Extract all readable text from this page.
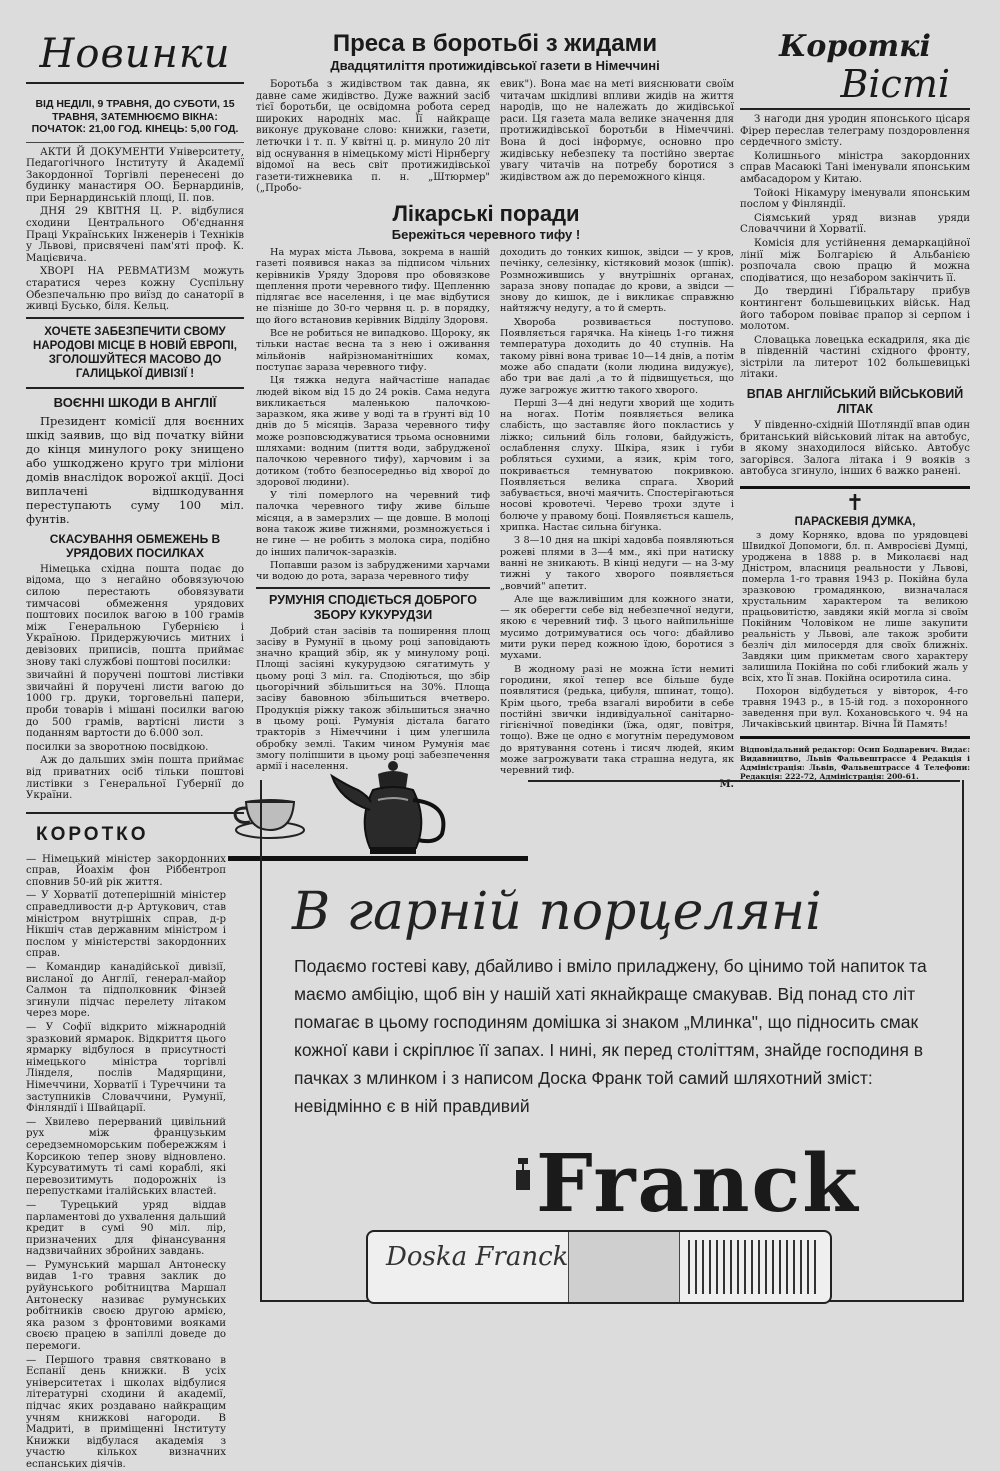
Новинки
ВІД НЕДІЛІ, 9 ТРАВНЯ, ДО СУБОТИ, 15 ТРАВНЯ, ЗАТЕМНЮЄМО ВІКНА: ПОЧАТОК: 21,00 ГОД. КІНЕЦЬ: 5,00 ГОД.

АКТИ Й ДОКУМЕНТИ Університету, Педагогічного Інституту й Академії Закордонної Торгівлі перенесені до будинку манастиря ОО. Бернардинів, при Бернардинській площі, II. пов.

ДНЯ 29 КВІТНЯ Ц. Р. відбулися сходини Центрального Об'єднання Праці Українських Інженерів і Техніків у Львові, присвячені пам'яті проф. К. Мацієвича.

ХВОРІ НА РЕВМАТИЗМ можуть старатися через кожну Суспільну Обезпечальню про виїзд до санаторії в живці Бусько, біля. Кельц.

ХОЧЕТЕ ЗАБЕЗПЕЧИТИ СВОМУ НАРОДОВІ МІСЦЕ В НОВІЙ ЕВРОПІ, ЗГОЛОШУЙТЕСЯ МАСОВО ДО ГАЛИЦЬКОЇ ДИВІЗІЇ !
ВОЄННІ ШКОДИ В АНГЛІЇ

Президент комісії для воєнних шкід заявив, що від початку війни до кінця минулого року знищено або ушкоджено круго три міліони домів внаслідок ворожої акції. Досі виплачені відшкодування переступають суму 100 міл. фунтів.

СКАСУВАННЯ ОБМЕЖЕНЬ В УРЯДОВИХ ПОСИЛКАХ

Німецька східна пошта подає до відома, що з негайно обовязуючою силою перестають обовязувати тимчасові обмеження урядових поштових посилок вагою в 100 грамів між Генеральною Губернією і Україною. Придержуючись митних і девізових приписів, пошта приймає знову такі службові поштові посилки:

звичайні й поручені поштові листівки звичайні й поручені листи вагою до 1000 гр. друки, торговельні папери, проби товарів і мішані посилки вагою до 500 грамів, вартісні листи з поданням вартости до 6.000 зол.

посилки за зворотною посвідкою.

Аж до дальших змін пошта приймає від приватних осіб тільки поштові листівки з Генеральної Губернії до України.

КОРОТКО

— Німецький міністер закордонних справ, Йоахім фон Ріббентроп сповнив 50-ий рік життя.

— У Хорватії дотеперішній міністер справедливости д-р Артукович, став міністром внутрішніх справ, д-р Нікшіч став державним міністром і послом у міністерстві закордонних справ.

— Командир канадійської дивізії, висланої до Англії, генерал-майор Салмон та підполковник Фінзей згинули підчас перелету літаком через море.

— У Софії відкрито міжнародній зразковий ярмарок. Відкриття цього ярмарку відбулося в присутності німецького міністра торгівлі Лінделя, послів Мадярщини, Німеччини, Хорватії і Туреччини та заступників Словаччини, Румунії, Фінляндії і Швайцарії.

— Хвилево перерваний цивільний рух між французьким середземноморським побережжям і Корсикою тепер знову відновлено. Курсуватимуть ті самі кораблі, які перевозитимуть подорожніх із перепустками італійських властей.

— Турецький уряд віддав парламентові до ухвалення дальший кредит в сумі 90 міл. лір, призначених для фінансування надзвичайних збройних завдань.

— Румунський маршал Антонеску видав 1-го травня заклик до руйунського робітництва Маршал Антонеску називає румунських робітників своєю другою армією, яка разом з фронтовими вояками своєю працею в запіллі доведе до перемоги.

— Першого травня святковано в Еспанії день книжки. В усіх університетах і школах відбулися літературні сходини й академії, підчас яких роздавано найкращим учням книжкові нагороди. В Мадриті, в приміщенні Інституту Книжки відбулася академія з участю кількох визначних еспанських діячів.

Преса в боротьбі з жидами
Двадцятиліття протижидівської газети в Німеччині

Боротьба з жидівством так давна, як давне саме жидівство. Дуже важний засіб тієї боротьби, це освідомна робота серед широких народніх мас. Її найкраще виконує друковане слово: книжки, газети, летючки і т. п. У квітні ц. р. минуло 20 літ від оснування в німецькому місті Нірнбергу відомої на весь світ протижидівської газети-тижневика п. н. „Штюрмер" („Пробо-

евик"). Вона має на меті вияснювати своїм читачам шкідливі впливи жидів на життя народів, що не належать до жидівської раси. Ця газета мала велике значення для протижидівської боротьби в Німеччині. Вона й досі інформує, основно про жидівську небезпеку та постійно звертає увагу читачів на потребу боротися з жидівством аж до переможного кінця.

Лікарські поради
Бережіться черевного тифу !

На мурах міста Львова, зокрема в нашій газеті появився наказ за підписом чільних керівників Уряду Здоровя про обовязкове щеплення проти черевного тифу. Щепленню підлягає все населення, і це має відбутися не пізніше до 30-го червня ц. р. в порядку, що його встановив керівник Відділу Здоровя.

Все не робиться не випадково. Щороку, як тільки настає весна та з нею і оживання мільйонів найрізноманітніших комах, поступає зараза черевного тифу.

Ця тяжка недуга найчастіше нападає людей віком від 15 до 24 років. Сама недуга викликається маленькою палочкою-заразком, яка живе у воді та в ґрунті від 10 днів до 5 місяців. Зараза черевного тифу може розповсюджуватися трьома основними шляхами: водним (пиття води, забрудженої палочкою черевного тифу), харчовим і за дотиком (тобто безпосередньо від хворої до здорової людини).

У тілі померлого на черевний тиф палочка черевного тифу живе більше місяця, а в замерзлих — ще довше. В молоці вона також живе тижнями, розмножується і не гине — не робить з молока сира, подібно до інших паличок-заразків.

Попавши разом із забрудженими харчами чи водою до рота, зараза черевного тифу

РУМУНІЯ СПОДІЄТЬСЯ ДОБРОГО ЗБОРУ КУКУРУДЗИ

Добрий стан засівів та поширення площ засіву в Румунії в цьому році заповідають значно кращий збір, як у минулому році. Площі засіяні кукурудзою сягатимуть у цьому році 3 міл. га. Сподіються, що збір цьогорічний збільшиться на 30%. Площа засіву бавовною збільшиться вчетверо. Продукція ріжку також збільшиться значно в цьому році. Румунія дістала багато тракторів з Німеччини і цим улегшила обробку землі. Таким чином Румунія має змогу поліпшити в цьому році забезпечення армії і населення.

доходить до тонких кишок, звідси — у кров, печінку, селезінку, кістяковий мозок (шпік). Розмножившись у внутрішніх органах, зараза знову попадає до крови, а звідси — знову до кишок, де і викликає справжню найтяжчу недугу, а то й смерть.

Хвороба розвивається поступово. Появляється гарячка. На кінець 1-го тижня температура доходить до 40 ступнів. На такому рівні вона триває 10—14 днів, а потім може або спадати (коли людина видужує), або три ває далі ,а то й підвищується, що дуже загрожує життю такого хворого.

Перші 3—4 дні недуги хворий ще ходить на ногах. Потім появляється велика слабість, що заставляє його покластись у ліжко; сильний біль голови, байдужість, ослаблення слуху. Шкіра, язик і губи робляться сухими, а язик, крім того, покривається темнуватою покривкою. Появляється велика спрага. Хворий забувається, вночі маячить. Спостерігаються носові кровотечі. Черево трохи здуте і болюче у правому боці. Появляється кашель, хрипка. Настає сильна біґунка.

З 8—10 дня на шкірі хадовба появляються рожеві плями в 3—4 мм., які при натиску ванні не зникають. В кінці недуги — на 3-му тижні у такого хворого появляється „вовчий" апетит.

Але ще важливішим для кожного знати, — як оберегти себе від небезпечної недуги, якою є черевний тиф. З цього найпильніше мусимо дотримуватися ось чого: дбайливо мити руки перед кожною їдою, боротися з мухами.

В жодному разі не можна їсти немиті городини, якої тепер все більше буде появлятися (редька, цибуля, шпинат, тощо). Крім цього, треба взагалі виробити в себе постійні звички індивідуальної санітарно-гігієнічної поведінки (їжа, одяг, повітря, тощо). Вже це одно є могутнім передумовом до врятування сотень і тисяч людей, яким може загрожувати така страшна недуга, як черевний тиф.

М.
Короткі
Вісті

З нагоди дня уродин японського цісаря Фірер переслав телеграму поздоровлення сердечного змісту.

Колишнього міністра закордонних справ Масаюкі Тані іменували японським амбасадором у Китаю.

Тойокі Нікамуру іменували японським послом у Фінляндії.

Сіямський уряд визнав уряди Словаччини й Хорватії.

Комісія для устійнення демаркаційної лінії між Болгарією й Альбанією розпочала свою працю й можна сподіватися, що незабором закінчить її.

До твердині Ґібральтару прибув контингент большевицьких військ. Над його табором повіває прапор зі серпом і молотом.

Словацька ловецька ескадриля, яка діє в південній частині східного фронту, зістріли ла литерот 102 большевицькі літаки.

ВПАВ АНГЛІЙСЬКИЙ ВІЙСЬКОВИЙ ЛІТАК

У південно-східній Шотляндії впав один британський військовий літак на автобус, в якому знаходилося військо. Автобус загорівся. Залога літака і 9 вояків з автобуса згинуло, інших 6 важко ранені.

✝
ПАРАСКЕВІЯ ДУМКА,

з дому Корнякo, вдова по урядовцеві Швидкої Допомоги, бл. п. Амвросієві Думці, уроджена в 1888 р. в Миколаєві над Дністром, власниця реальности у Львові, померла 1-го травня 1943 р. Покійна була зразковою громадянкою, визначалася хрустальним характером та великою працьовитістю, завдяки якій могла зі своїм Покійним Чоловіком не лише закупити реальність у Львові, але також зробити безліч діл милосердя для своїх ближніх. Завдяки цим прикметам свого характеру залишила Покійна по собі глибокий жаль у всіх, хто Її знав. Покійна осиротила сина.

Похорон відбудеться у вівторок, 4-го травня 1943 р., в 15-ій год. з похоронного заведення при вул. Кохановського ч. 94 на Личаківський цвинтар. Вічна Їй Память!

Відповідальний редактор: Осип Бодпаревич. Видає: Видавництво, Львів Фальвештрассе 4 Редакція і Адміністрація: Львів, Фальвештрассе 4 Телефони: Редакція: 222-72, Адміністрація: 200-61.

В гарній порцеляні
Подаємо гостеві каву, дбайливо і вміло приладжену, бо цінимо той напиток та маємо амбіцію, щоб він у нашій хаті якнайкраще смакував. Від понад сто літ помагає в цьому господиням домішка зі знаком „Млинка", що підносить смак кожної кави і скріплює її запах. І нині, як перед століттям, знайде господиня в пачках з млинком і з написом Доска Франк той самий шляхотний зміст: невідмінно є в ній правдивий
Franck
Doska Franck
